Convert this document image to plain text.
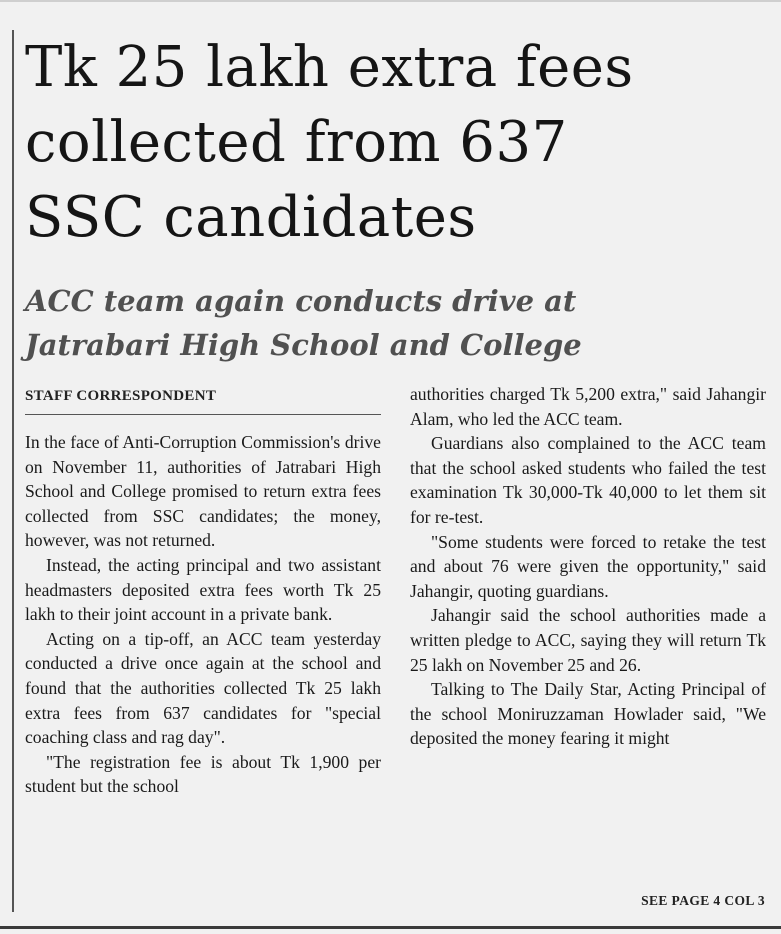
Tk 25 lakh extra fees
collected from 637
SSC candidates
ACC team again conducts drive at
Jatrabari High School and College
STAFF CORRESPONDENT

In the face of Anti-Corruption Commission's drive on November 11, authorities of Jatrabari High School and College promised to return extra fees collected from SSC candidates; the money, however, was not returned.

Instead, the acting principal and two assistant headmasters deposited extra fees worth Tk 25 lakh to their joint account in a private bank.

Acting on a tip-off, an ACC team yesterday conducted a drive once again at the school and found that the authorities collected Tk 25 lakh extra fees from 637 candidates for "special coaching class and rag day".

"The registration fee is about Tk 1,900 per student but the school

authorities charged Tk 5,200 extra," said Jahangir Alam, who led the ACC team.

Guardians also complained to the ACC team that the school asked students who failed the test examination Tk 30,000-Tk 40,000 to let them sit for re-test.

"Some students were forced to retake the test and about 76 were given the opportunity," said Jahangir, quoting guardians.

Jahangir said the school authorities made a written pledge to ACC, saying they will return Tk 25 lakh on November 25 and 26.

Talking to The Daily Star, Acting Principal of the school Moniruzzaman Howlader said, "We deposited the money fearing it might

SEE PAGE 4 COL 3
